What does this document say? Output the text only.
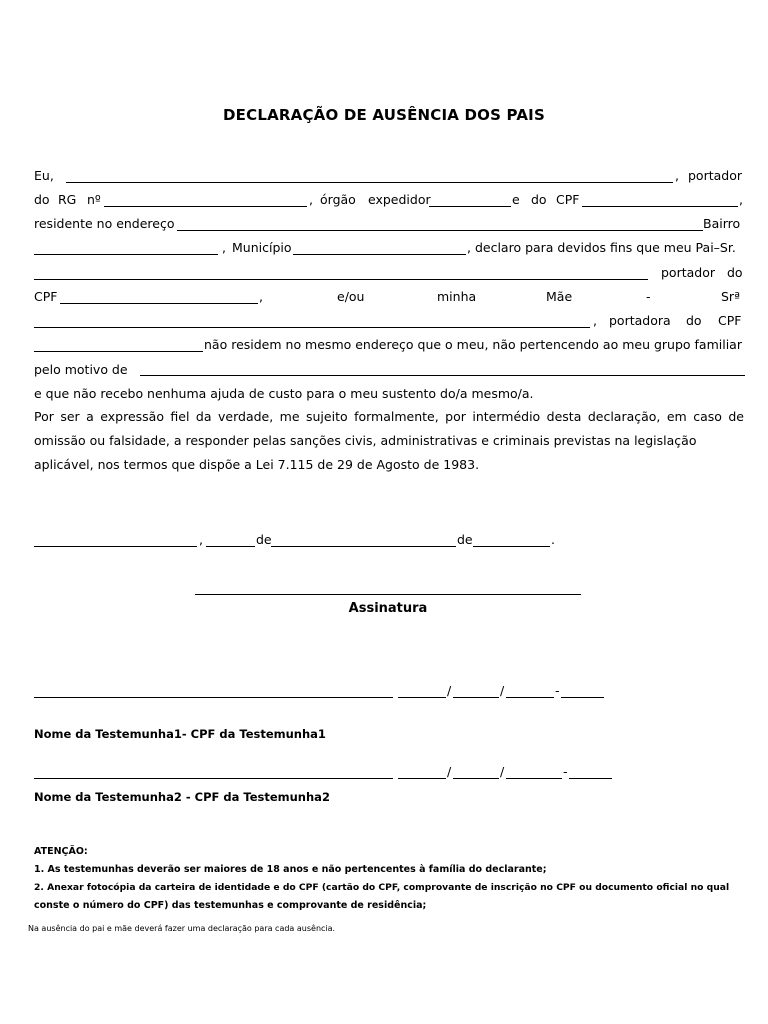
DECLARAÇÃO DE AUSÊNCIA DOS PAIS
Eu,	, portador
do RG nº	, órgão expedidor	e do CPF	,
residente no endereço	Bairro
, Município	, declaro para devidos fins que meu Pai–Sr.
portador do
CPF	,	e/ou	minha	Mãe	-	Srª
, portadora do CPF
não residem no mesmo endereço que o meu, não pertencendo ao meu grupo familiar
pelo motivo de
e que não recebo nenhuma ajuda de custo para o meu sustento do/a mesmo/a.
Por ser a expressão fiel da verdade, me sujeito formalmente, por intermédio desta declaração, em caso de omissão ou falsidade, a responder pelas sanções civis, administrativas e criminais previstas na legislação
aplicável, nos termos que dispõe a Lei 7.115 de 29 de Agosto de 1983.
,	de	de	.
Assinatura
/	/	-
Nome da Testemunha1- CPF da Testemunha1
/	/	-
Nome da Testemunha2 - CPF da Testemunha2
ATENÇÃO:
1. As testemunhas deverão ser maiores de 18 anos e não pertencentes à família do declarante;
2. Anexar fotocópia da carteira de identidade e do CPF (cartão do CPF, comprovante de inscrição no CPF ou documento oficial no qual
conste o número do CPF) das testemunhas e comprovante de residência;
Na ausência do pai e mãe deverá fazer uma declaração para cada ausência.
